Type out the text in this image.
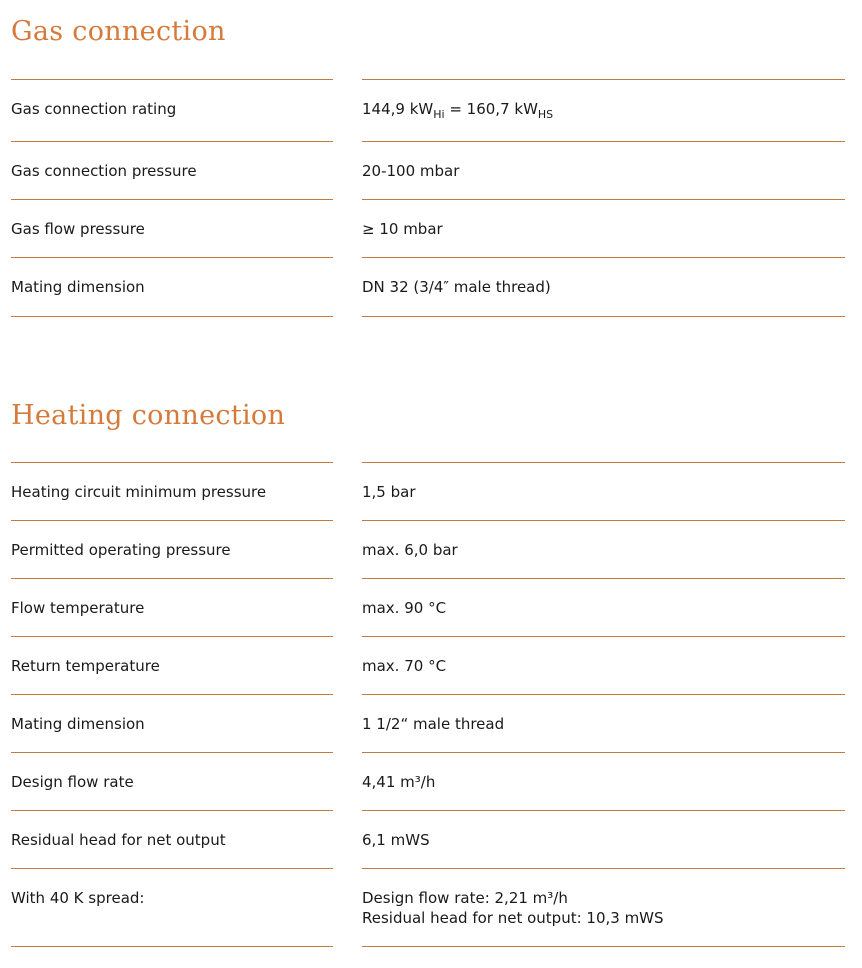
Gas connection
Gas connection rating	144,9 $kW_{Hi} = 160,7$ $kW_{HS}$
Gas connection pressure	20-100 mbar
Gas flow pressure	≥ 10 mbar
Mating dimension	DN 32 (3/4″ male thread)
Heating connection
Heating circuit minimum pressure	1,5 bar
Permitted operating pressure	max. 6,0 bar
Flow temperature	max. 90 °C
Return temperature	max. 70 °C
Mating dimension	1 1/2“ male thread
Design flow rate	4,41 m³/h
Residual head for net output	6,1 mWS
With 40 K spread:	Design flow rate: 2,21 m³/h
Residual head for net output: 10,3 mWS
